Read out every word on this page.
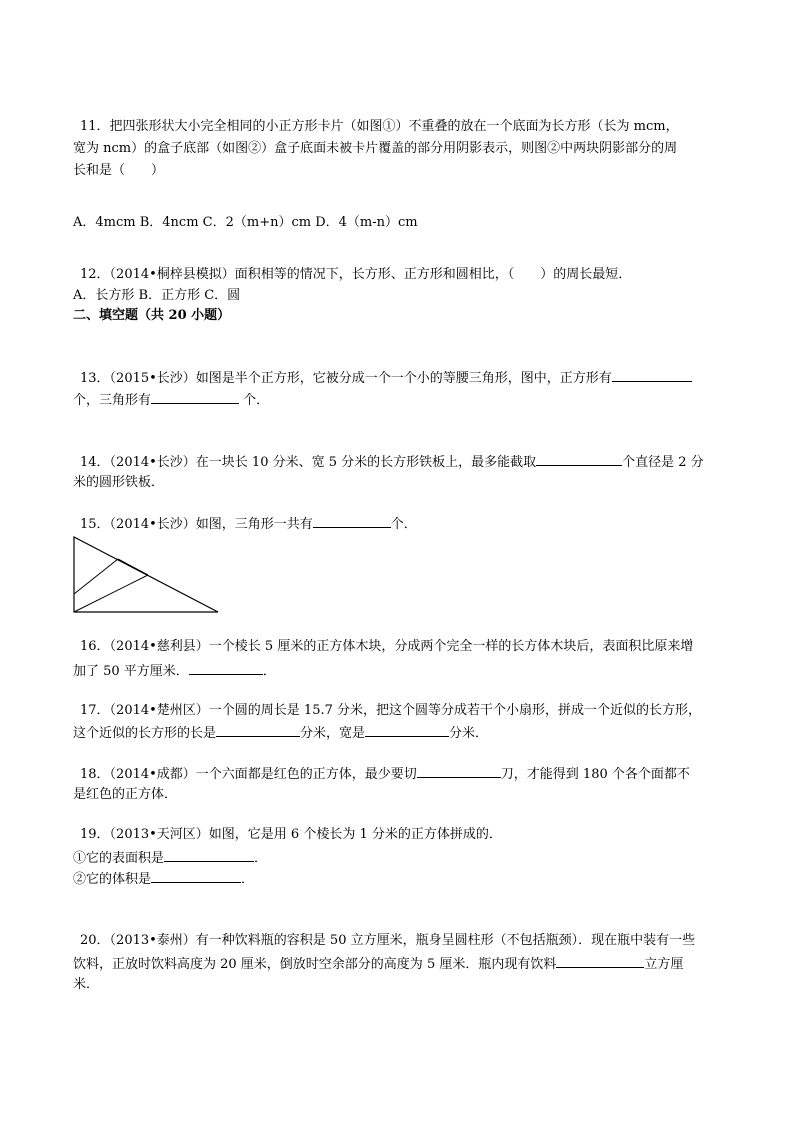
11．把四张形状大小完全相同的小正方形卡片（如图①）不重叠的放在一个底面为长方形（长为 mcm，
宽为 ncm）的盒子底部（如图②）盒子底面未被卡片覆盖的部分用阴影表示，则图②中两块阴影部分的周
长和是（　　）
A．4mcm B．4ncm C．2（m+n）cm D．4（m-n）cm
12．（2014•桐梓县模拟）面积相等的情况下，长方形、正方形和圆相比，（　　）的周长最短．
A．长方形 B．正方形 C．圆
二、填空题（共 20 小题）
13．（2015•长沙）如图是半个正方形，它被分成一个一个小的等腰三角形，图中，正方形有
个，三角形有	个．
14．（2014•长沙）在一块长 10 分米、宽 5 分米的长方形铁板上，最多能截取	个直径是 2 分
米的圆形铁板．
15．（2014•长沙）如图，三角形一共有	个．
16．（2014•慈利县）一个棱长 5 厘米的正方体木块，分成两个完全一样的长方体木块后，表面积比原来增
加了 50 平方厘米．	．
17．（2014•楚州区）一个圆的周长是 15.7 分米，把这个圆等分成若干个小扇形，拼成一个近似的长方形，
这个近似的长方形的长是	分米，宽是	分米．
18．（2014•成都）一个六面都是红色的正方体，最少要切	刀，才能得到 180 个各个面都不
是红色的正方体．
19．（2013•天河区）如图，它是用 6 个棱长为 1 分米的正方体拼成的．
①它的表面积是	．
②它的体积是	．
20．（2013•泰州）有一种饮料瓶的容积是 50 立方厘米，瓶身呈圆柱形（不包括瓶颈）．现在瓶中装有一些
饮料，正放时饮料高度为 20 厘米，倒放时空余部分的高度为 5 厘米．瓶内现有饮料	立方厘
米．
